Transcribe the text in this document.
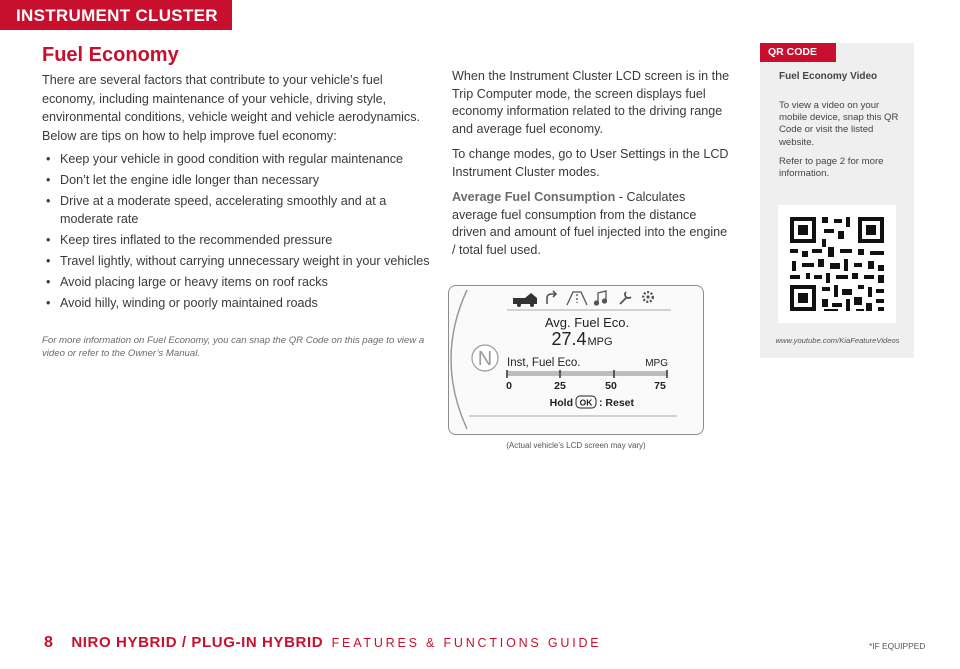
INSTRUMENT CLUSTER
Fuel Economy

There are several factors that contribute to your vehicle’s fuel economy, including maintenance of your vehicle, driving style, environmental conditions, vehicle weight and vehicle aerodynamics. Below are tips on how to help improve fuel economy:

• Keep your vehicle in good condition with regular maintenance
• Don’t let the engine idle longer than necessary
• Drive at a moderate speed, accelerating smoothly and at a moderate rate
• Keep tires inflated to the recommended pressure
• Travel lightly, without carrying unnecessary weight in your vehicles
• Avoid placing large or heavy items on roof racks
• Avoid hilly, winding or poorly maintained roads

For more information on Fuel Economy, you can snap the QR Code on this page to view a video or refer to the Owner’s Manual.

When the Instrument Cluster LCD screen is in the Trip Computer mode, the screen displays fuel economy information related to the driving range and average fuel economy.

To change modes, go to User Settings in the LCD Instrument Cluster modes.

Average Fuel Consumption - Calculates average fuel consumption from the distance driven and amount of fuel injected into the engine / total fuel used.

N
Avg. Fuel Eco.
27.4 MPG
Inst, Fuel Eco.	MPG
0	25	50	75
Hold OK : Reset
(Actual vehicle’s LCD screen may vary)
QR CODE
Fuel Economy Video

To view a video on your mobile device, snap this QR Code or visit the listed website.

Refer to page 2 for more information.

www.youtube.com/KiaFeatureVideos
8 NIRO HYBRID / PLUG-IN HYBRID FEATURES & FUNCTIONS GUIDE	*IF EQUIPPED
